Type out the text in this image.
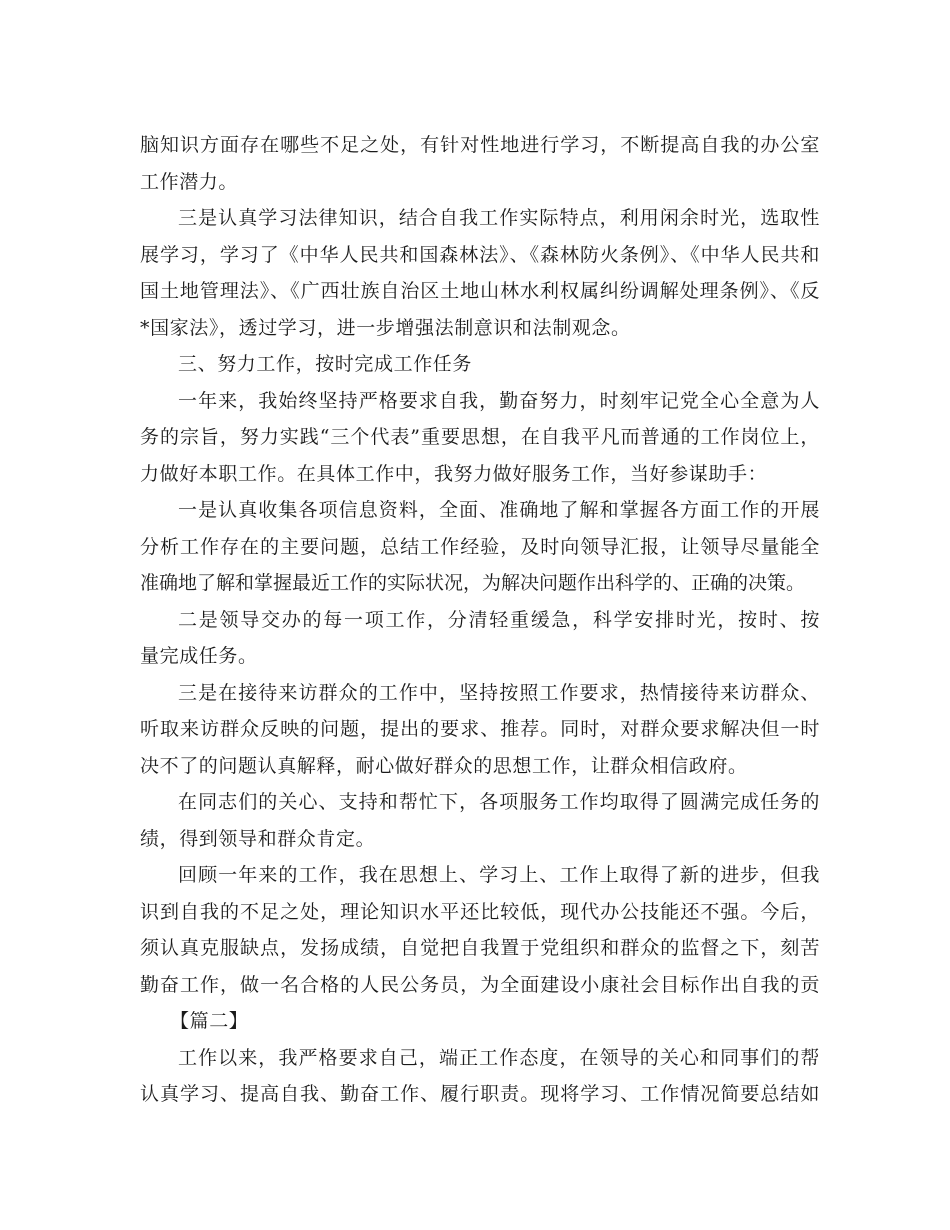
脑知识方面存在哪些不足之处，有针对性地进行学习，不断提高自我的办公室
工作潜力。
三是认真学习法律知识，结合自我工作实际特点，利用闲余时光，选取性
展学习，学习了《中华人民共和国森林法》、《森林防火条例》、《中华人民共和
国土地管理法》、《广西壮族自治区土地山林水利权属纠纷调解处理条例》、《反
*国家法》，透过学习，进一步增强法制意识和法制观念。
三、努力工作，按时完成工作任务
一年来，我始终坚持严格要求自我，勤奋努力，时刻牢记党全心全意为人
务的宗旨，努力实践“三个代表”重要思想，在自我平凡而普通的工作岗位上，
力做好本职工作。在具体工作中，我努力做好服务工作，当好参谋助手：
一是认真收集各项信息资料，全面、准确地了解和掌握各方面工作的开展
分析工作存在的主要问题，总结工作经验，及时向领导汇报，让领导尽量能全
准确地了解和掌握最近工作的实际状况，为解决问题作出科学的、正确的决策。
二是领导交办的每一项工作，分清轻重缓急，科学安排时光，按时、按
量完成任务。
三是在接待来访群众的工作中，坚持按照工作要求，热情接待来访群众、
听取来访群众反映的问题，提出的要求、推荐。同时，对群众要求解决但一时
决不了的问题认真解释，耐心做好群众的思想工作，让群众相信政府。
在同志们的关心、支持和帮忙下，各项服务工作均取得了圆满完成任务的
绩，得到领导和群众肯定。
回顾一年来的工作，我在思想上、学习上、工作上取得了新的进步，但我
识到自我的不足之处，理论知识水平还比较低，现代办公技能还不强。今后，
须认真克服缺点，发扬成绩，自觉把自我置于党组织和群众的监督之下，刻苦
勤奋工作，做一名合格的人民公务员，为全面建设小康社会目标作出自我的贡
【篇二】
工作以来，我严格要求自己，端正工作态度，在领导的关心和同事们的帮
认真学习、提高自我、勤奋工作、履行职责。现将学习、工作情况简要总结如
